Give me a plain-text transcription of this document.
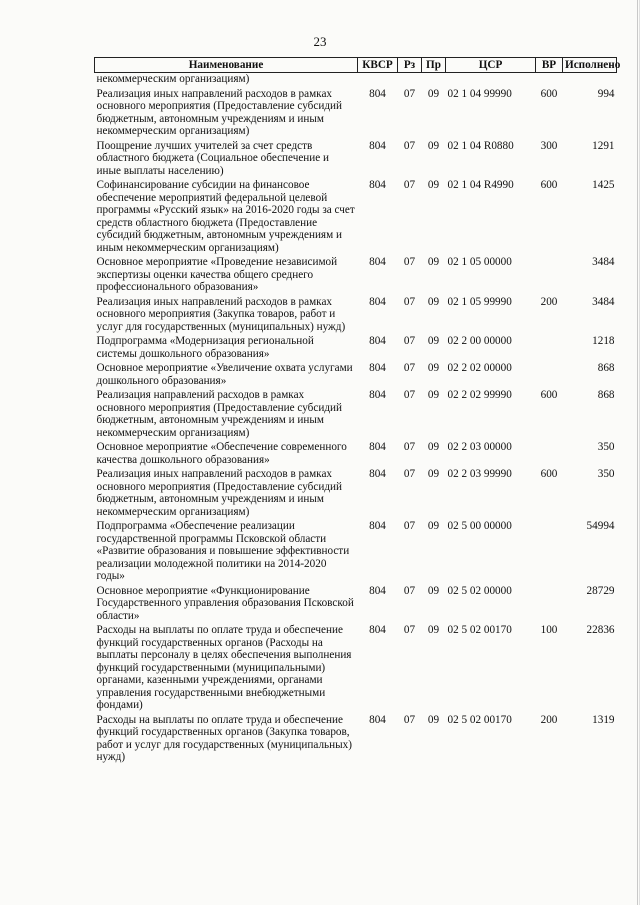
23
Наименование	КВСР	Рз	Пр	ЦСР	ВР	Исполнено
некоммерческим организациям)						
Реализация иных направлений расходов в рамках основного мероприятия (Предоставление субсидий бюджетным, автономным учреждениям и иным некоммерческим организациям)	804	07	09	02 1 04 99990	600	994
Поощрение лучших учителей за счет средств областного бюджета (Социальное обеспечение и иные выплаты населению)	804	07	09	02 1 04 R0880	300	1291
Софинансирование субсидии на финансовое обеспечение мероприятий федеральной целевой программы «Русский язык» на 2016-2020 годы за счет средств областного бюджета (Предоставление субсидий бюджетным, автономным учреждениям и иным некоммерческим организациям)	804	07	09	02 1 04 R4990	600	1425
Основное мероприятие «Проведение независимой экспертизы оценки качества общего среднего профессионального образования»	804	07	09	02 1 05 00000		3484
Реализация иных направлений расходов в рамках основного мероприятия (Закупка товаров, работ и услуг для государственных (муниципальных) нужд)	804	07	09	02 1 05 99990	200	3484
Подпрограмма «Модернизация региональной системы дошкольного образования»	804	07	09	02 2 00 00000		1218
Основное мероприятие «Увеличение охвата услугами дошкольного образования»	804	07	09	02 2 02 00000		868
Реализация направлений расходов в рамках основного мероприятия (Предоставление субсидий бюджетным, автономным учреждениям и иным некоммерческим организациям)	804	07	09	02 2 02 99990	600	868
Основное мероприятие «Обеспечение современного качества дошкольного образования»	804	07	09	02 2 03 00000		350
Реализация иных направлений расходов в рамках основного мероприятия (Предоставление субсидий бюджетным, автономным учреждениям и иным некоммерческим организациям)	804	07	09	02 2 03 99990	600	350
Подпрограмма «Обеспечение реализации государственной программы Псковской области «Развитие образования и повышение эффективности реализации молодежной политики на 2014-2020 годы»	804	07	09	02 5 00 00000		54994
Основное мероприятие «Функционирование Государственного управления образования Псковской области»	804	07	09	02 5 02 00000		28729
Расходы на выплаты по оплате труда и обеспечение функций государственных органов (Расходы на выплаты персоналу в целях обеспечения выполнения функций государственными (муниципальными) органами, казенными учреждениями, органами управления государственными внебюджетными фондами)	804	07	09	02 5 02 00170	100	22836
Расходы на выплаты по оплате труда и обеспечение функций государственных органов (Закупка товаров, работ и услуг для государственных (муниципальных) нужд)	804	07	09	02 5 02 00170	200	1319
